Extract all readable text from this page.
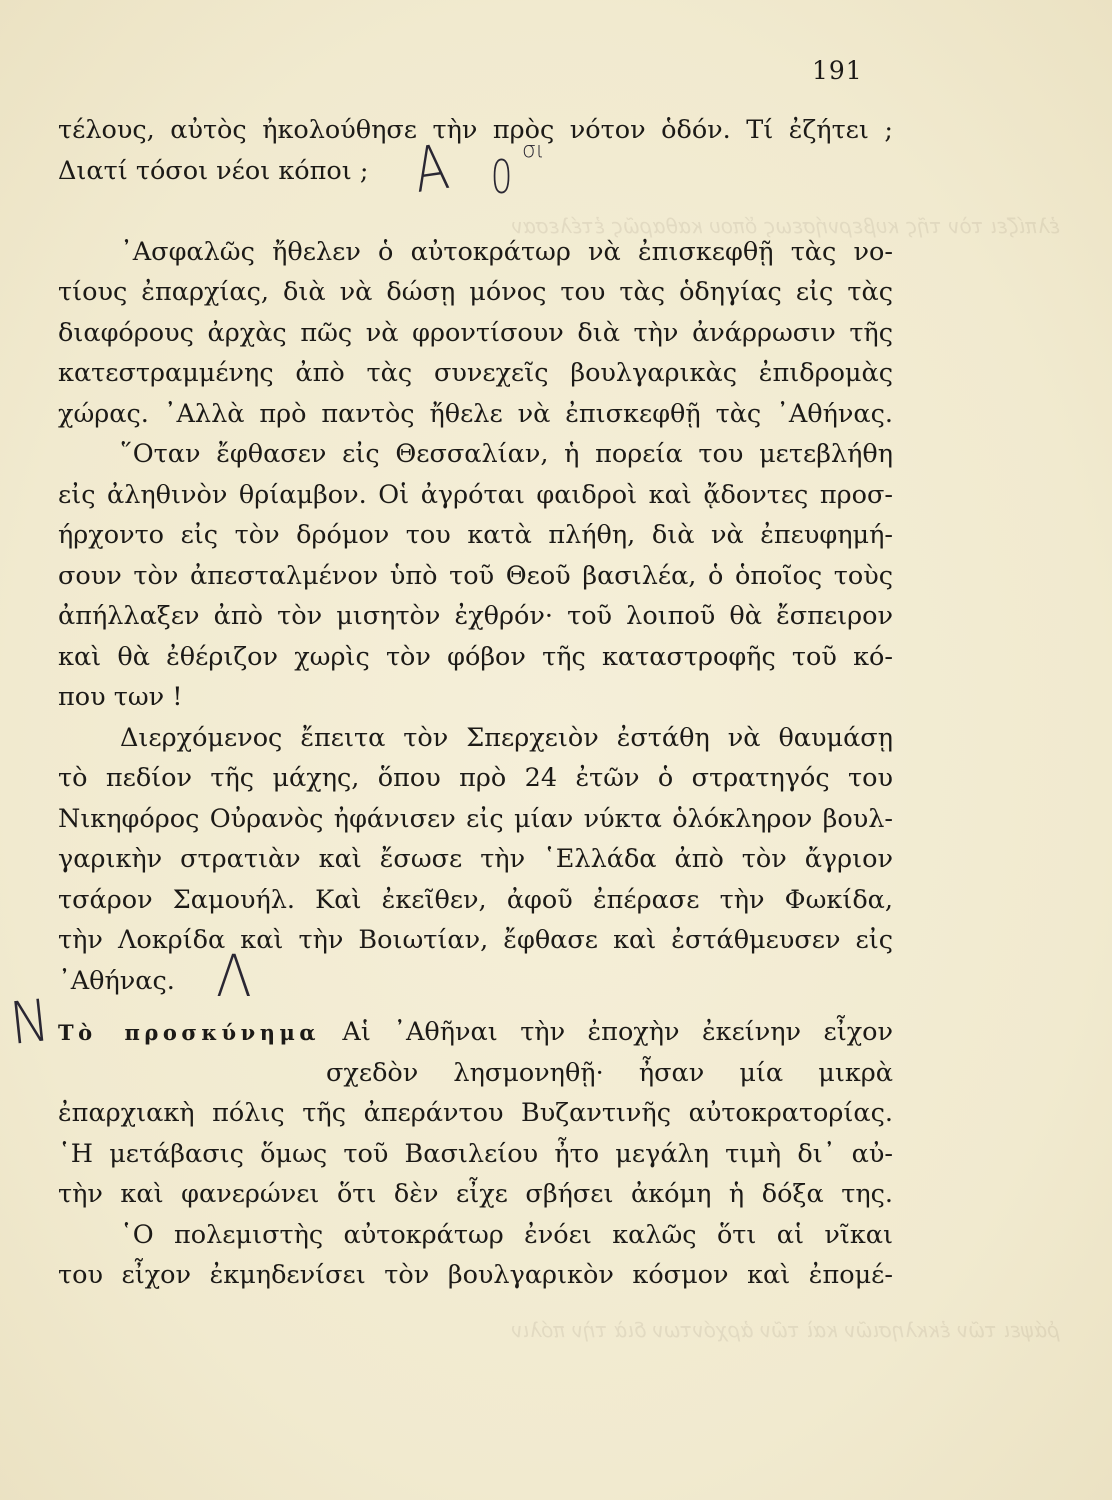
ἐλπίζει τὸν τῆς κυβερνήσεως ὅπου καθαρῶς ἐτέλεσαν
ῥάψει τῶν ἐκκλησιῶν καὶ τῶν ἀρχόντων διὰ τὴν πόλιν
191
τέλους, αὐτὸς ἠκολούθησε τὴν πρὸς νότον ὁδόν. Τί ἐζήτει ;
Διατί τόσοι νέοι κόποι ;
᾿Ασφαλῶς ἤθελεν ὁ αὐτοκράτωρ νὰ ἐπισκεφθῇ τὰς νο-
τίους ἐπαρχίας, διὰ νὰ δώσῃ μόνος του τὰς ὁδηγίας εἰς τὰς
διαφόρους ἀρχὰς πῶς νὰ φροντίσουν διὰ τὴν ἀνάρρωσιν τῆς
κατεστραμμένης ἀπὸ τὰς συνεχεῖς βουλγαρικὰς ἐπιδρομὰς
χώρας. ᾿Αλλὰ πρὸ παντὸς ἤθελε νὰ ἐπισκεφθῇ τὰς ᾿Αθήνας.
῞Οταν ἔφθασεν εἰς Θεσσαλίαν, ἡ πορεία του μετεβλήθη
εἰς ἀληθινὸν θρίαμβον. Οἱ ἀγρόται φαιδροὶ καὶ ᾄδοντες προσ-
ήρχοντο εἰς τὸν δρόμον του κατὰ πλήθη, διὰ νὰ ἐπευφημή-
σουν τὸν ἀπεσταλμένον ὑπὸ τοῦ Θεοῦ βασιλέα, ὁ ὁποῖος τοὺς
ἀπήλλαξεν ἀπὸ τὸν μισητὸν ἐχθρόν· τοῦ λοιποῦ θὰ ἔσπειρον
καὶ θὰ ἐθέριζον χωρὶς τὸν φόβον τῆς καταστροφῆς τοῦ κό-
που των !
Διερχόμενος ἔπειτα τὸν Σπερχειὸν ἐστάθη νὰ θαυμάσῃ
τὸ πεδίον τῆς μάχης, ὅπου πρὸ 24 ἐτῶν ὁ στρατηγός του
Νικηφόρος Οὐρανὸς ἠφάνισεν εἰς μίαν νύκτα ὁλόκληρον βουλ-
γαρικὴν στρατιὰν καὶ ἔσωσε τὴν ῾Ελλάδα ἀπὸ τὸν ἄγριον
τσάρον Σαμουήλ. Καὶ ἐκεῖθεν, ἀφοῦ ἐπέρασε τὴν Φωκίδα,
τὴν Λοκρίδα καὶ τὴν Βοιωτίαν, ἔφθασε καὶ ἐστάθμευσεν εἰς
᾿Αθήνας.
Τὸ προσκύνημα Αἱ ᾿Αθῆναι τὴν ἐποχὴν ἐκείνην εἶχον
σχεδὸν λησμονηθῇ· ἦσαν μία μικρὰ
ἐπαρχιακὴ πόλις τῆς ἀπεράντου Βυζαντινῆς αὐτοκρατορίας.
῾Η μετάβασις ὅμως τοῦ Βασιλείου ἦτο μεγάλη τιμὴ δι᾿ αὐ-
τὴν καὶ φανερώνει ὅτι δὲν εἶχε σβήσει ἀκόμη ἡ δόξα της.
῾Ο πολεμιστὴς αὐτοκράτωρ ἐνόει καλῶς ὅτι αἱ νῖκαι
του εἶχον ἐκμηδενίσει τὸν βουλγαρικὸν κόσμον καὶ ἐπομέ-
Α 0 σι
Λ
Ν
